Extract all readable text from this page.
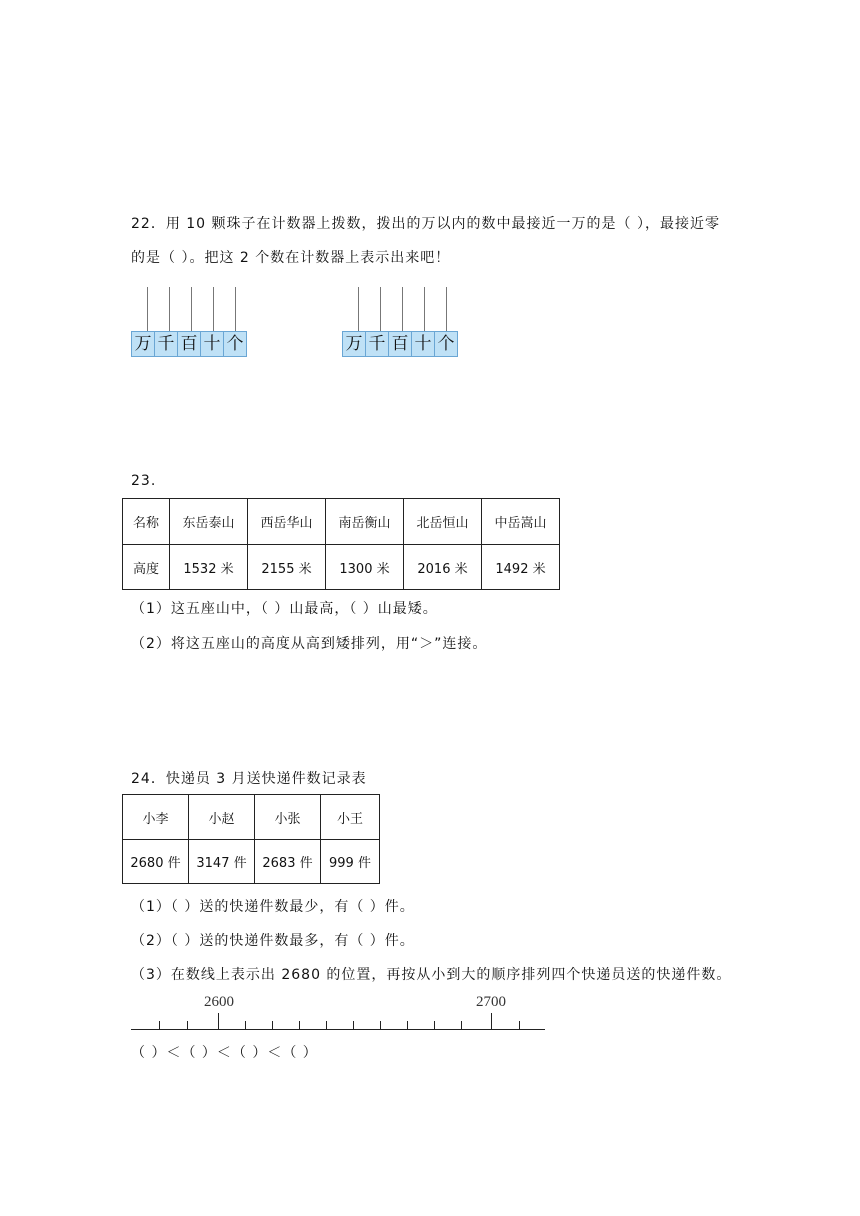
22．用 10 颗珠子在计数器上拨数，拨出的万以内的数中最接近一万的是（ ），最接近零
的是（ ）。把这 2 个数在计数器上表示出来吧！
万 千 百 十 个	万 千 百 十 个
23.
名称	东岳泰山	西岳华山	南岳衡山	北岳恒山	中岳嵩山
高度	1532 米	2155 米	1300 米	2016 米	1492 米
（1）这五座山中，（ ）山最高，（ ）山最矮。
（2）将这五座山的高度从高到矮排列，用“＞”连接。
24．快递员 3 月送快递件数记录表
小李	小赵	小张	小王
2680 件	3147 件	2683 件	999 件
（1）（ ）送的快递件数最少，有（ ）件。
（2）（ ）送的快递件数最多，有（ ）件。
（3）在数线上表示出 2680 的位置，再按从小到大的顺序排列四个快递员送的快递件数。
2600	2700
（ ）＜（ ）＜（ ）＜（ ）
